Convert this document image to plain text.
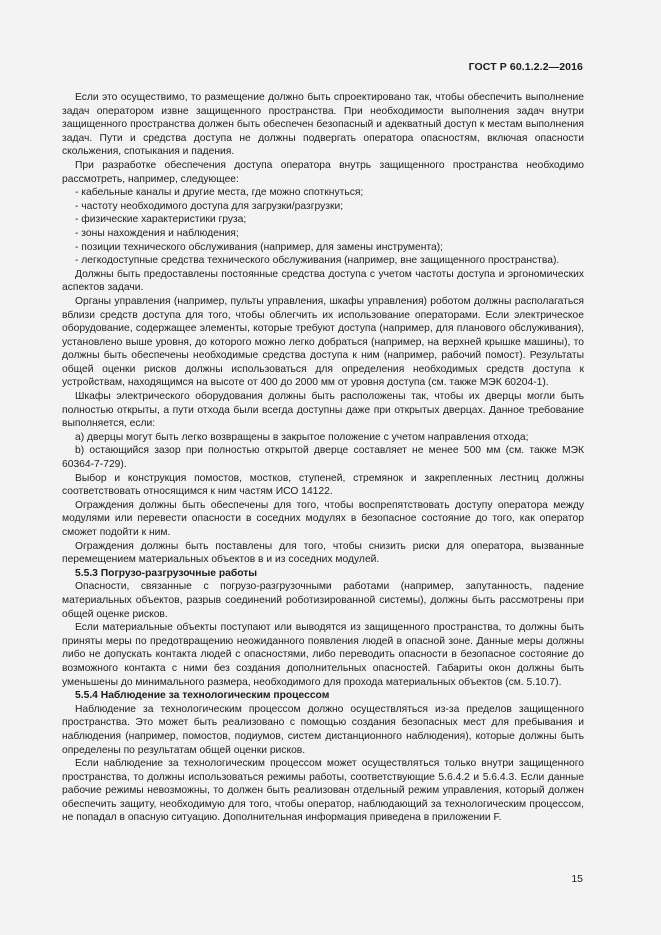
ГОСТ Р 60.1.2.2—2016

Если это осуществимо, то размещение должно быть спроектировано так, чтобы обеспечить выполнение задач оператором извне защищенного пространства. При необходимости выполнения задач внутри защищенного пространства должен быть обеспечен безопасный и адекватный доступ к местам выполнения задач. Пути и средства доступа не должны подвергать оператора опасностям, включая опасности скольжения, спотыкания и падения.

При разработке обеспечения доступа оператора внутрь защищенного пространства необходимо рассмотреть, например, следующее:

- кабельные каналы и другие места, где можно споткнуться;

- частоту необходимого доступа для загрузки/разгрузки;

- физические характеристики груза;

- зоны нахождения и наблюдения;

- позиции технического обслуживания (например, для замены инструмента);

- легкодоступные средства технического обслуживания (например, вне защищенного пространства).

Должны быть предоставлены постоянные средства доступа с учетом частоты доступа и эргономических аспектов задачи.

Органы управления (например, пульты управления, шкафы управления) роботом должны располагаться вблизи средств доступа для того, чтобы облегчить их использование операторами. Если электрическое оборудование, содержащее элементы, которые требуют доступа (например, для планового обслуживания), установлено выше уровня, до которого можно легко добраться (например, на верхней крышке машины), то должны быть обеспечены необходимые средства доступа к ним (например, рабочий помост). Результаты общей оценки рисков должны использоваться для определения необходимых средств доступа к устройствам, находящимся на высоте от 400 до 2000 мм от уровня доступа (см. также МЭК 60204-1).

Шкафы электрического оборудования должны быть расположены так, чтобы их дверцы могли быть полностью открыты, а пути отхода были всегда доступны даже при открытых дверцах. Данное требование выполняется, если:

a) дверцы могут быть легко возвращены в закрытое положение с учетом направления отхода;

b) остающийся зазор при полностью открытой дверце составляет не менее 500 мм (см. также МЭК 60364-7-729).

Выбор и конструкция помостов, мостков, ступеней, стремянок и закрепленных лестниц должны соответствовать относящимся к ним частям ИСО 14122.

Ограждения должны быть обеспечены для того, чтобы воспрепятствовать доступу оператора между модулями или перевести опасности в соседних модулях в безопасное состояние до того, как оператор сможет подойти к ним.

Ограждения должны быть поставлены для того, чтобы снизить риски для оператора, вызванные перемещением материальных объектов в и из соседних модулей.

5.5.3 Погрузо-разгрузочные работы

Опасности, связанные с погрузо-разгрузочными работами (например, запутанность, падение материальных объектов, разрыв соединений роботизированной системы), должны быть рассмотрены при общей оценке рисков.

Если материальные объекты поступают или выводятся из защищенного пространства, то должны быть приняты меры по предотвращению неожиданного появления людей в опасной зоне. Данные меры должны либо не допускать контакта людей с опасностями, либо переводить опасности в безопасное состояние до возможного контакта с ними без создания дополнительных опасностей. Габариты окон должны быть уменьшены до минимального размера, необходимого для прохода материальных объектов (см. 5.10.7).

5.5.4 Наблюдение за технологическим процессом

Наблюдение за технологическим процессом должно осуществляться из-за пределов защищенного пространства. Это может быть реализовано с помощью создания безопасных мест для пребывания и наблюдения (например, помостов, подиумов, систем дистанционного наблюдения), которые должны быть определены по результатам общей оценки рисков.

Если наблюдение за технологическим процессом может осуществляться только внутри защищенного пространства, то должны использоваться режимы работы, соответствующие 5.6.4.2 и 5.6.4.3. Если данные рабочие режимы невозможны, то должен быть реализован отдельный режим управления, который должен обеспечить защиту, необходимую для того, чтобы оператор, наблюдающий за технологическим процессом, не попадал в опасную ситуацию. Дополнительная информация приведена в приложении F.

15
